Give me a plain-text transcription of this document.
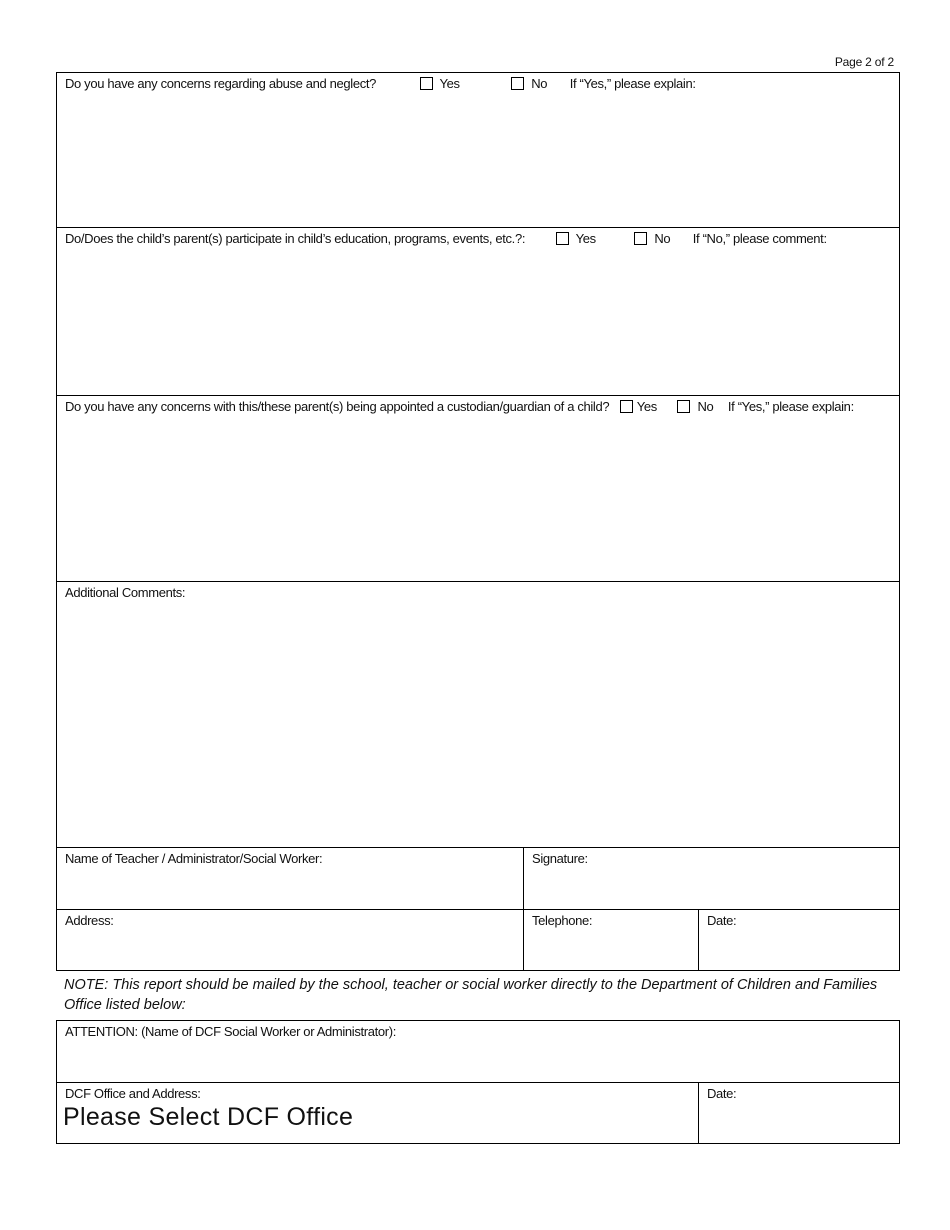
Page 2 of 2
Do you have any concerns regarding abuse and neglect?	Yes	No If “Yes,” please explain:
Do/Does the child’s parent(s) participate in child’s education, programs, events, etc.?:	Yes	No If “No,” please comment:
Do you have any concerns with this/these parent(s) being appointed a custodian/guardian of a child? Yes	No If “Yes,” please explain:
Additional Comments:
Name of Teacher / Administrator/Social Worker:	Signature:
Address:	Telephone:	Date:
NOTE: This report should be mailed by the school, teacher or social worker directly to the Department of Children and Families Office listed below:
ATTENTION: (Name of DCF Social Worker or Administrator):
DCF Office and Address:
Please Select DCF Office
Date:
